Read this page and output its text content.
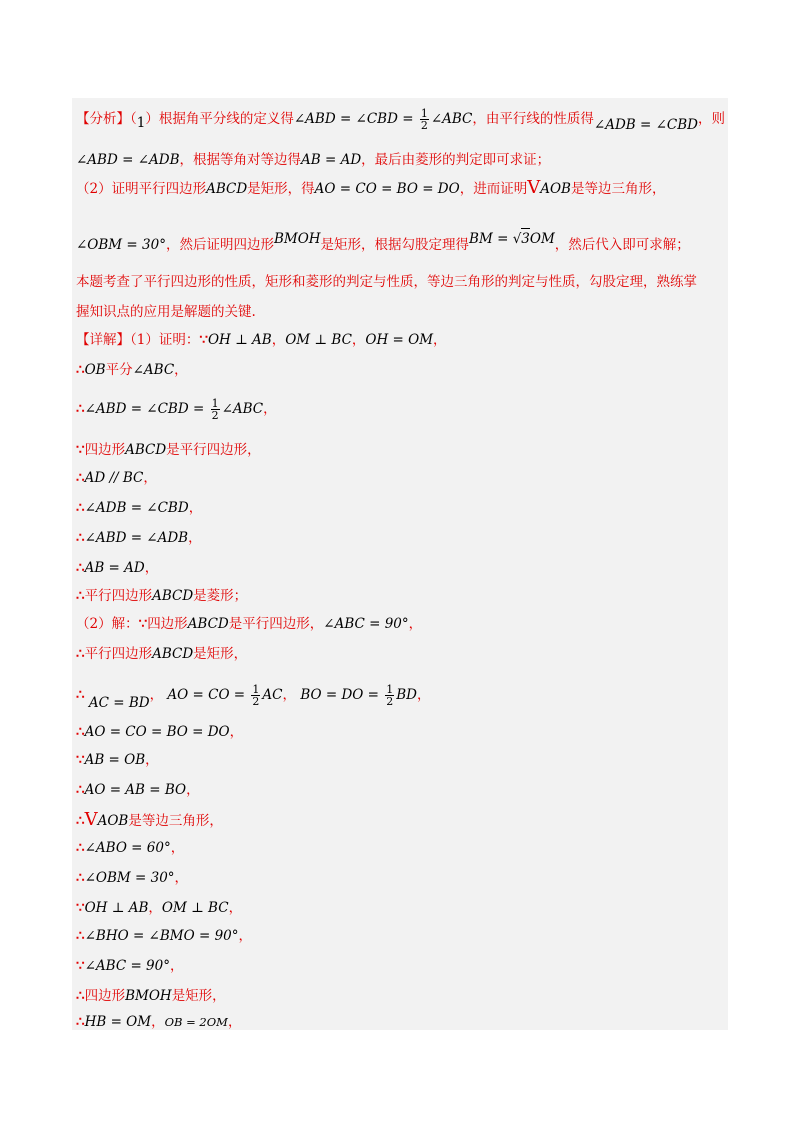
【分析】（1）根据角平分线的定义得∠ABD = ∠CBD = $\frac{1}{2}$ ∠ABC，由平行线的性质得∠ADB = ∠CBD，则
∠ABD = ∠ADB，根据等角对等边得AB = AD，最后由菱形的判定即可求证；
（2）证明平行四边形ABCD是矩形，得AO = CO = BO = DO，进而证明VAOB是等边三角形，
∠OBM = 30°，然后证明四边形BMOH是矩形，根据勾股定理得BM = √3OM，然后代入即可求解；
本题考查了平行四边形的性质，矩形和菱形的判定与性质，等边三角形的判定与性质，勾股定理，熟练掌
握知识点的应用是解题的关键.
【详解】（1）证明：∵OH ⊥ AB，OM ⊥ BC，OH = OM，
∴OB平分∠ABC，
∴∠ABD = ∠CBD = $\frac{1}{2}$ ∠ABC，
∵四边形ABCD是平行四边形，
∴AD // BC，
∴∠ADB = ∠CBD，
∴∠ABD = ∠ADB，
∴AB = AD，
∴平行四边形ABCD是菱形；
（2）解：∵四边形ABCD是平行四边形，∠ABC = 90°，
∴平行四边形ABCD是矩形，
∴ AC = BD， AO = CO = $\frac{1}{2}$ AC， BO = DO = $\frac{1}{2}$ BD，
∴AO = CO = BO = DO，
∵AB = OB，
∴AO = AB = BO，
∴VAOB是等边三角形，
∴∠ABO = 60°，
∴∠OBM = 30°，
∵OH ⊥ AB，OM ⊥ BC，
∴∠BHO = ∠BMO = 90°，
∵∠ABC = 90°，
∴四边形BMOH是矩形，
∴HB = OM，OB = 2OM，
